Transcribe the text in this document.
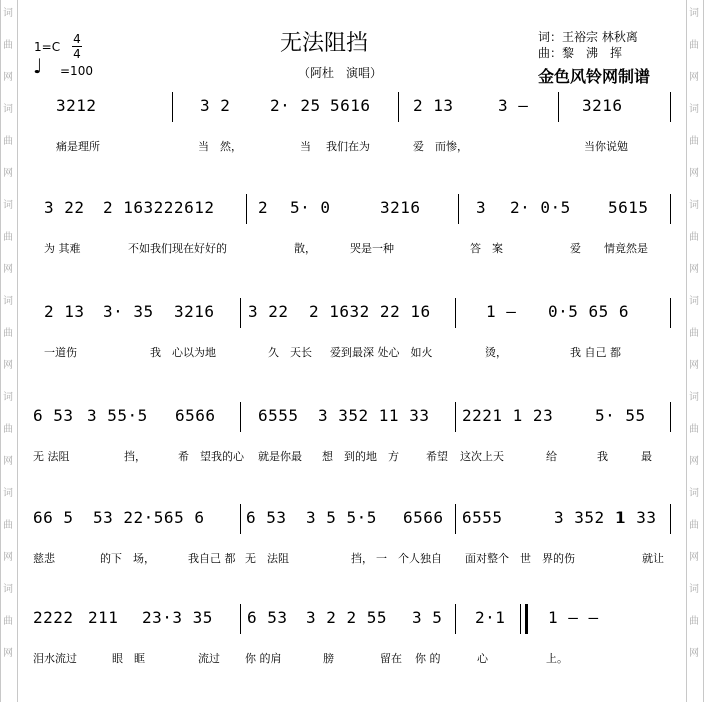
词
曲
网
词
曲
网
词
曲
网
词
曲
网
词
曲
网
词
曲
网
词
曲
网
词
曲
网
词
曲
网
词
曲
网
词
曲
网
词
曲
网
词
曲
网
词
曲
网
无法阻挡
（阿杜　演唱）
词：王裕宗 林秋离
曲：黎　沸　挥
金色风铃网制谱
1=C
4
4
♩ =100
3212	3 2 2· 25 5616	2 13	3 –	3216
痛是理所	当　然，	当 我们在为	爱　而惨，	当你说勉
3 22 2 163222612	2 5· 0	3216	3 2· 0·5 5615
为 其难	不如我们现在好好的	散，	哭是一种	答　案	爱 情竟然是
2 13 3· 35 3216 3 22 2 1632 22 16	1 – 0·5 65 6
一道伤	我　心以为地	久　天长 爱到最深 处心　如火	烫，	我 自己 都
6 53 3 55·5 6566	6555 3 352 11 33 2221 1 23	5· 55
无 法阻	挡，	希　望我的心 就是你最 想　到的地　方 希望 这次上天	给	我	最
66 5 53 22·565 6	6 53 3 5 5·5 6566 6555	3 352 1
1 33
慈悲	的下　场，	我自己 都 无　法阻	挡， 一　个人独自 面对整个 世　界的伤	就让
2222 211 23·3 35 6 53 3 2 2 55 3 5 2·1	1 – –
泪水流过	眼　眶	流过 你 的肩	膀	留在 你 的	心	上。
